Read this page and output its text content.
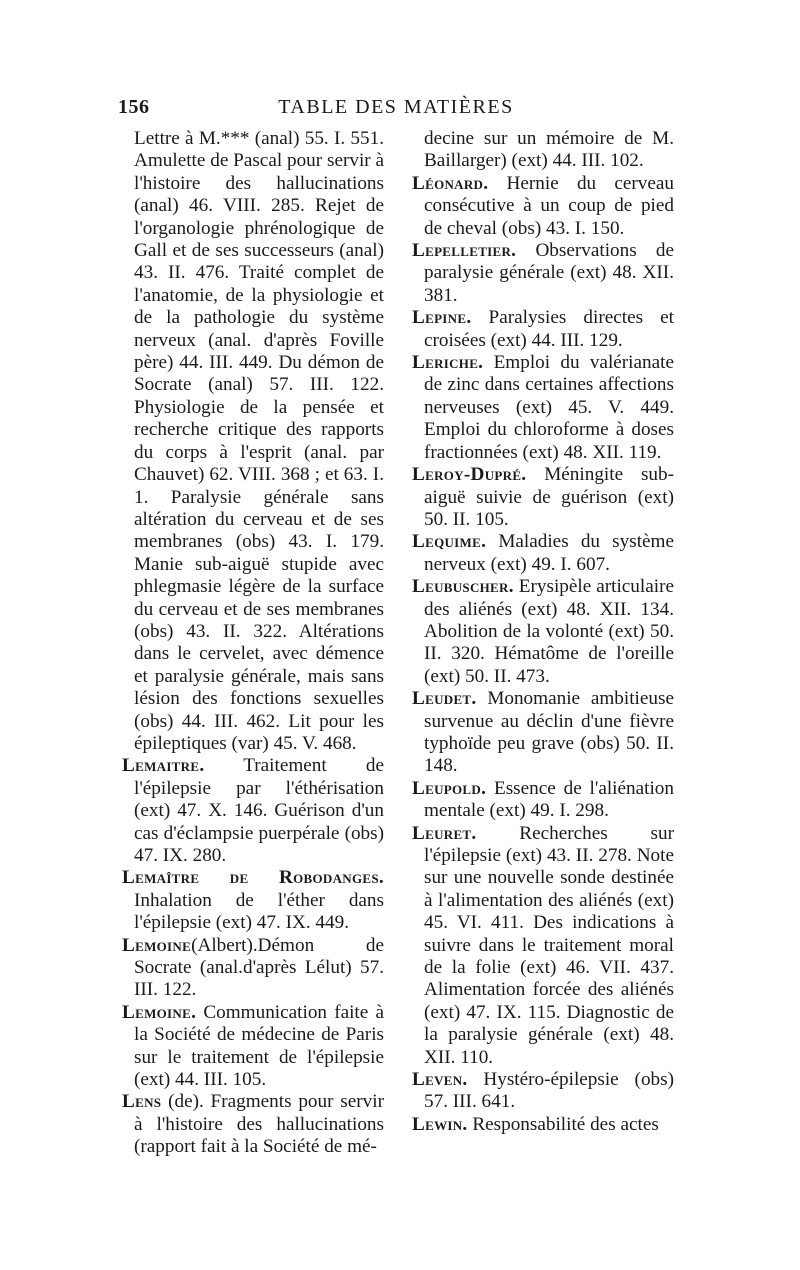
156	TABLE DES MATIÈRES

Lettre à M.*** (anal) 55. I. 551. Amulette de Pascal pour servir à l'histoire des hallucinations (anal) 46. VIII. 285. Rejet de l'organologie phrénologique de Gall et de ses successeurs (anal) 43. II. 476. Traité complet de l'anatomie, de la physiologie et de la pathologie du système nerveux (anal. d'après Foville père) 44. III. 449. Du démon de Socrate (anal) 57. III. 122. Physiologie de la pensée et recherche critique des rapports du corps à l'esprit (anal. par Chauvet) 62. VIII. 368 ; et 63. I. 1. Paralysie générale sans altération du cerveau et de ses membranes (obs) 43. I. 179. Manie sub-aiguë stupide avec phlegmasie légère de la surface du cerveau et de ses membranes (obs) 43. II. 322. Altérations dans le cervelet, avec démence et paralysie générale, mais sans lésion des fonctions sexuelles (obs) 44. III. 462. Lit pour les épileptiques (var) 45. V. 468.

Lemaitre. Traitement de l'épilepsie par l'éthérisation (ext) 47. X. 146. Guérison d'un cas d'éclampsie puerpérale (obs) 47. IX. 280.

Lemaître de Robodanges. Inhalation de l'éther dans l'épilepsie (ext) 47. IX. 449.

Lemoine(Albert).Démon de Socrate (anal.d'après Lélut) 57. III. 122.

Lemoine. Communication faite à la Société de médecine de Paris sur le traitement de l'épilepsie (ext) 44. III. 105.

Lens (de). Fragments pour servir à l'histoire des hallucinations (rapport fait à la Société de mé-

decine sur un mémoire de M. Baillarger) (ext) 44. III. 102.

Léonard. Hernie du cerveau consécutive à un coup de pied de cheval (obs) 43. I. 150.

Lepelletier. Observations de paralysie générale (ext) 48. XII. 381.

Lepine. Paralysies directes et croisées (ext) 44. III. 129.

Leriche. Emploi du valérianate de zinc dans certaines affections nerveuses (ext) 45. V. 449. Emploi du chloroforme à doses fractionnées (ext) 48. XII. 119.

Leroy-Dupré. Méningite sub-aiguë suivie de guérison (ext) 50. II. 105.

Lequime. Maladies du système nerveux (ext) 49. I. 607.

Leubuscher. Erysipèle articulaire des aliénés (ext) 48. XII. 134. Abolition de la volonté (ext) 50. II. 320. Hématôme de l'oreille (ext) 50. II. 473.

Leudet. Monomanie ambitieuse survenue au déclin d'une fièvre typhoïde peu grave (obs) 50. II. 148.

Leupold. Essence de l'aliénation mentale (ext) 49. I. 298.

Leuret. Recherches sur l'épilepsie (ext) 43. II. 278. Note sur une nouvelle sonde destinée à l'alimentation des aliénés (ext) 45. VI. 411. Des indications à suivre dans le traitement moral de la folie (ext) 46. VII. 437. Alimentation forcée des aliénés (ext) 47. IX. 115. Diagnostic de la paralysie générale (ext) 48. XII. 110.

Leven. Hystéro-épilepsie (obs) 57. III. 641.

Lewin. Responsabilité des actes
